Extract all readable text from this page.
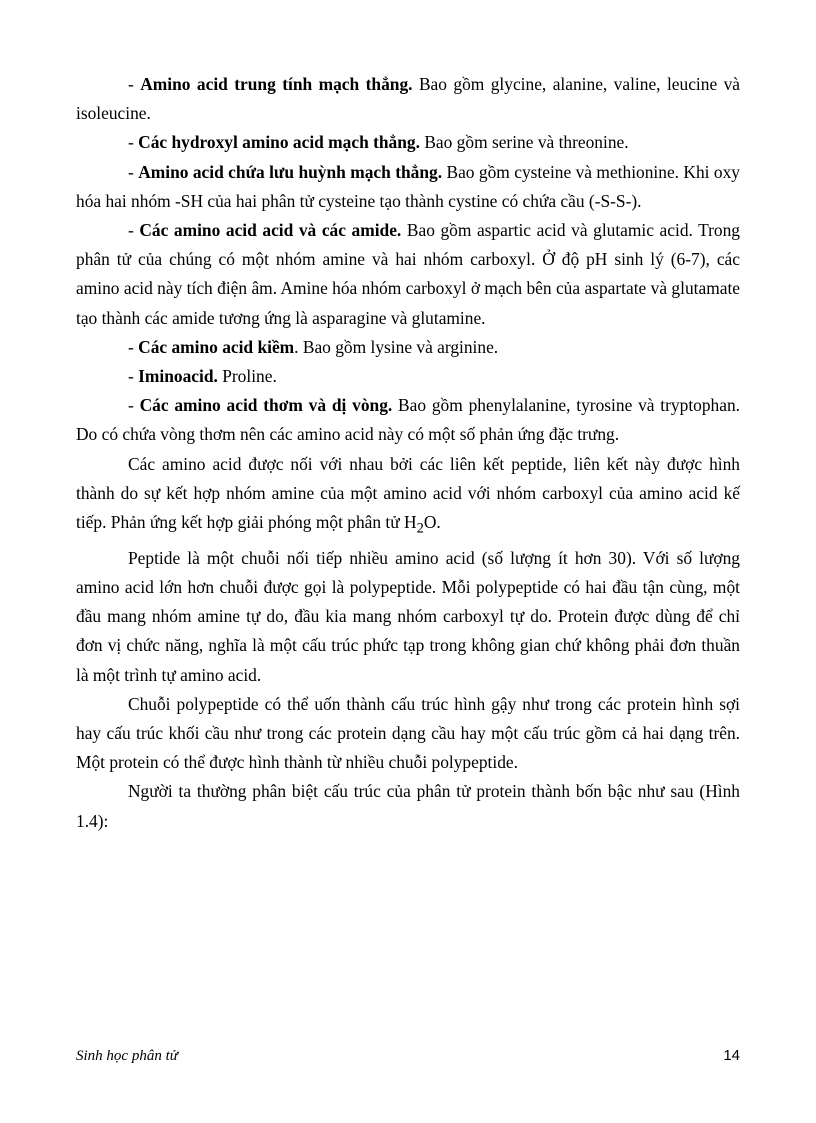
- Amino acid trung tính mạch thẳng. Bao gồm glycine, alanine, valine, leucine và isoleucine.

- Các hydroxyl amino acid mạch thẳng. Bao gồm serine và threonine.

- Amino acid chứa lưu huỳnh mạch thẳng. Bao gồm cysteine và methionine. Khi oxy hóa hai nhóm -SH của hai phân tử cysteine tạo thành cystine có chứa cầu (-S-S-).

- Các amino acid acid và các amide. Bao gồm aspartic acid và glutamic acid. Trong phân tử của chúng có một nhóm amine và hai nhóm carboxyl. Ở độ pH sinh lý (6-7), các amino acid này tích điện âm. Amine hóa nhóm carboxyl ở mạch bên của aspartate và glutamate tạo thành các amide tương ứng là asparagine và glutamine.

- Các amino acid kiềm. Bao gồm lysine và arginine.

- Iminoacid. Proline.

- Các amino acid thơm và dị vòng. Bao gồm phenylalanine, tyrosine và tryptophan. Do có chứa vòng thơm nên các amino acid này có một số phản ứng đặc trưng.

Các amino acid được nối với nhau bởi các liên kết peptide, liên kết này được hình thành do sự kết hợp nhóm amine của một amino acid với nhóm carboxyl của amino acid kế tiếp. Phản ứng kết hợp giải phóng một phân tử $H_2O$.

Peptide là một chuỗi nối tiếp nhiều amino acid (số lượng ít hơn 30). Với số lượng amino acid lớn hơn chuỗi được gọi là polypeptide. Mỗi polypeptide có hai đầu tận cùng, một đầu mang nhóm amine tự do, đầu kia mang nhóm carboxyl tự do. Protein được dùng để chỉ đơn vị chức năng, nghĩa là một cấu trúc phức tạp trong không gian chứ không phải đơn thuần là một trình tự amino acid.

Chuỗi polypeptide có thể uốn thành cấu trúc hình gậy như trong các protein hình sợi hay cấu trúc khối cầu như trong các protein dạng cầu hay một cấu trúc gồm cả hai dạng trên. Một protein có thể được hình thành từ nhiều chuỗi polypeptide.

Người ta thường phân biệt cấu trúc của phân tử protein thành bốn bậc như sau (Hình 1.4):

Sinh học phân tử	14
